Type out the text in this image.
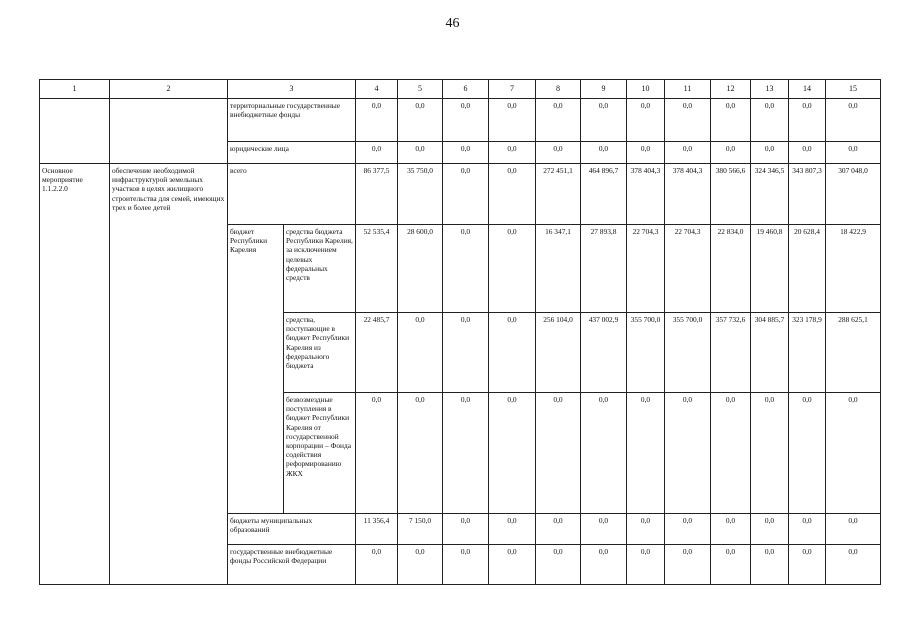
46
1	2	3		4	5	6	7	8	9	10	11	12	13	14	15
		территориальные государственные внебюджетные фонды		0,0	0,0	0,0	0,0	0,0	0,0	0,0	0,0	0,0	0,0	0,0	0,0
		юридические лица		0,0	0,0	0,0	0,0	0,0	0,0	0,0	0,0	0,0	0,0	0,0	0,0
Основное мероприятие 1.1.2.2.0	обеспечение необходимой инфраструктурой земельных участков в целях жилищного строительства для семей, имеющих трех и более детей	всего		86 377,5	35 750,0	0,0	0,0	272 451,1	464 896,7	378 404,3	378 404,3	380 566,6	324 346,5	343 807,3	307 048,0
		бюджет Республики Карелия	средства бюджета Республики Карелия, за исключением целевых федеральных средств	52 535,4	28 600,0	0,0	0,0	16 347,1	27 893,8	22 704,3	22 704,3	22 834,0	19 460,8	20 628,4	18 422,9
			средства, поступающие в бюджет Республики Карелия из федерального бюджета	22 485,7	0,0	0,0	0,0	256 104,0	437 002,9	355 700,0	355 700,0	357 732,6	304 885,7	323 178,9	288 625,1
			безвозмездные поступления в бюджет Республики Карелия от государственной корпорации – Фонда содействия реформированию ЖКХ	0,0	0,0	0,0	0,0	0,0	0,0	0,0	0,0	0,0	0,0	0,0	0,0
		бюджеты муниципальных образований		11 356,4	7 150,0	0,0	0,0	0,0	0,0	0,0	0,0	0,0	0,0	0,0	0,0
		государственные внебюджетные фонды Российской Федерации		0,0	0,0	0,0	0,0	0,0	0,0	0,0	0,0	0,0	0,0	0,0	0,0
